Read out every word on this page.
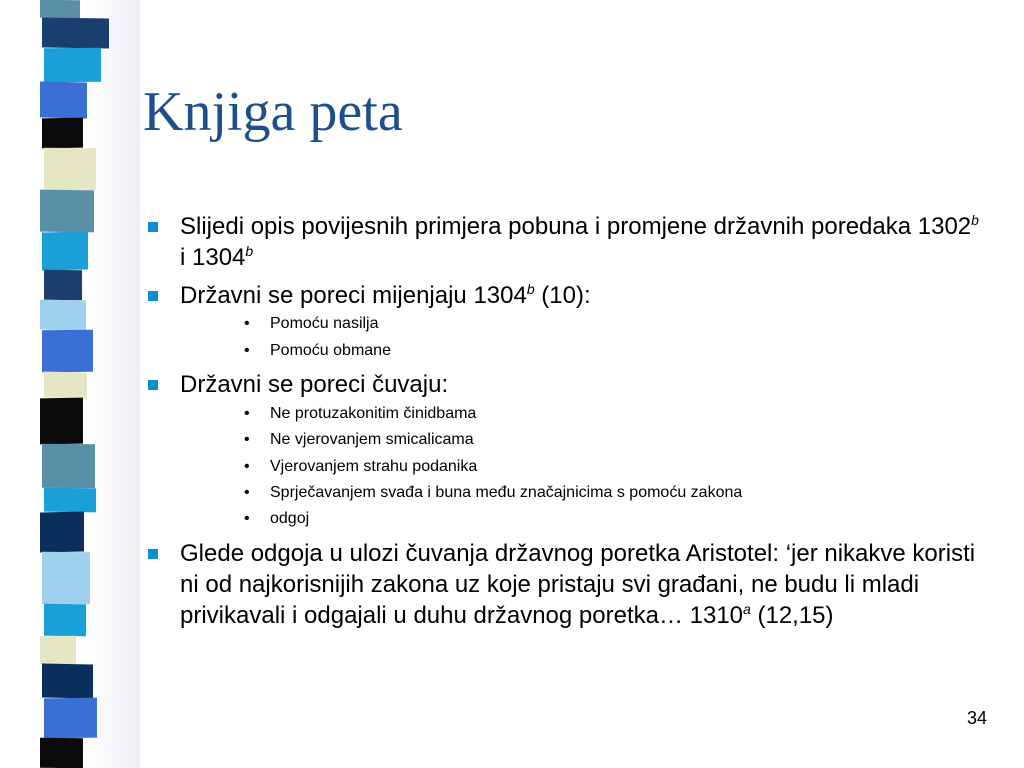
Knjiga peta
Slijedi opis povijesnih primjera pobuna i promjene državnih poredaka 1302$^b$ i 1304$^b$
Državni se poreci mijenjaju 1304$^b$ (10):
• Pomoću nasilja
• Pomoću obmane
Državni se poreci čuvaju:
• Ne protuzakonitim činidbama
• Ne vjerovanjem smicalicama
• Vjerovanjem strahu podanika
• Sprječavanjem svađa i buna među značajnicima s pomoću zakona
• odgoj
Glede odgoja u ulozi čuvanja državnog poretka Aristotel: ‘jer nikakve koristi ni od najkorisnijih zakona uz koje pristaju svi građani, ne budu li mladi privikavali i odgajali u duhu državnog poretka… 1310$^a$ (12,15)
34
